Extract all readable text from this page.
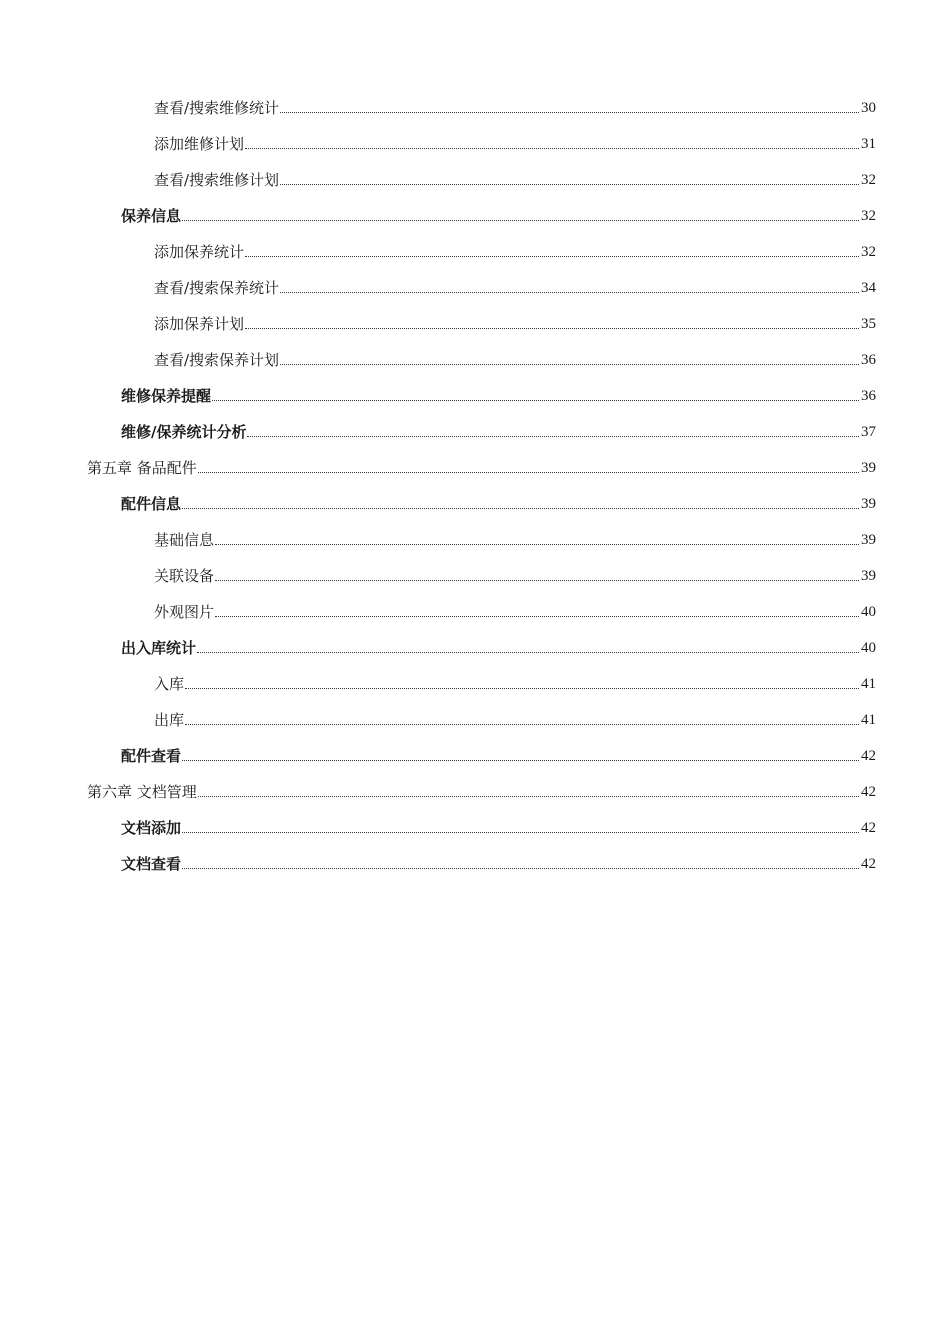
查看/搜索维修统计	30
添加维修计划	31
查看/搜索维修计划	32
保养信息	32
添加保养统计	32
查看/搜索保养统计	34
添加保养计划	35
查看/搜索保养计划	36
维修保养提醒	36
维修/保养统计分析	37
第五章 备品配件	39
配件信息	39
基础信息	39
关联设备	39
外观图片	40
出入库统计	40
入库	41
出库	41
配件查看	42
第六章 文档管理	42
文档添加	42
文档查看	42
